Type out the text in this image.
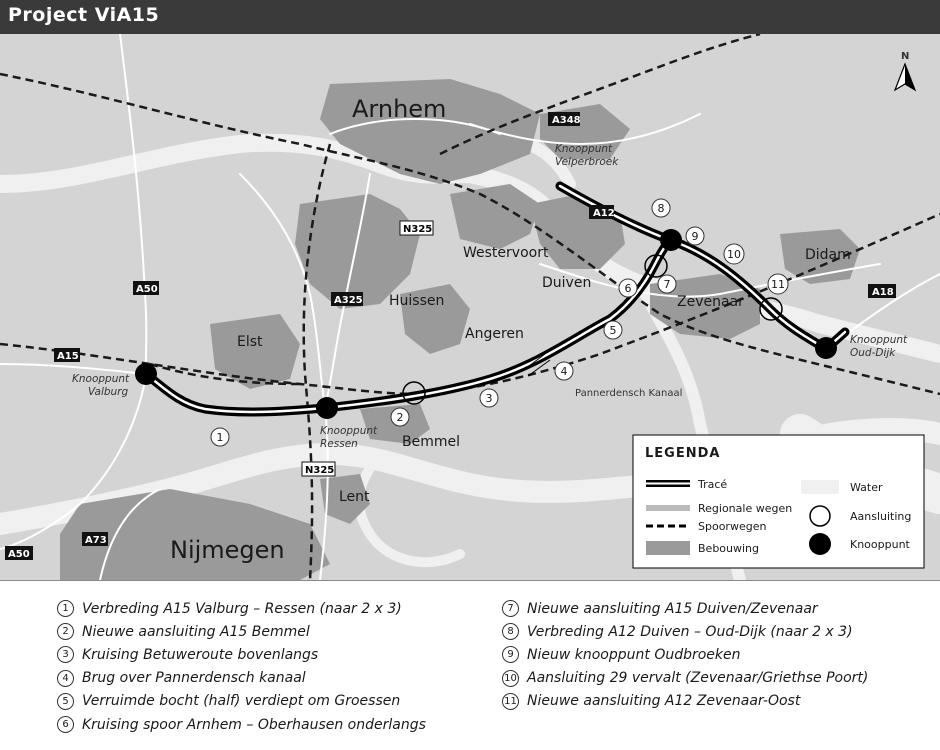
Project ViA15
Arnhem
Nijmegen
Westervoort
Duiven
Zevenaar
Didam
Huissen
Angeren
Elst
Bemmel
Lent
Pannerdensch Kanaal
Knooppunt
Velperbroek
Knooppunt
Valburg
Knooppunt
Ressen
Knooppunt
Oud-Dijk
A348
A12
N325
A325
A50
A15
N325
A73
A50
A18
1
2
3
4
5
6	7
8
9
10
11
N
LEGENDA
Tracé
Regionale wegen
Spoorwegen
Bebouwing
Water
Aansluiting
Knooppunt
1 Verbreding A15 Valburg – Ressen (naar 2 x 3)
2 Nieuwe aansluiting A15 Bemmel
3 Kruising Betuweroute bovenlangs
4 Brug over Pannerdensch kanaal
5 Verruimde bocht (half) verdiept om Groessen
6 Kruising spoor Arnhem – Oberhausen onderlangs
7 Nieuwe aansluiting A15 Duiven/Zevenaar
8 Verbreding A12 Duiven – Oud-Dijk (naar 2 x 3)
9 Nieuw knooppunt Oudbroeken
10 Aansluiting 29 vervalt (Zevenaar/Griethse Poort)
11 Nieuwe aansluiting A12 Zevenaar-Oost
